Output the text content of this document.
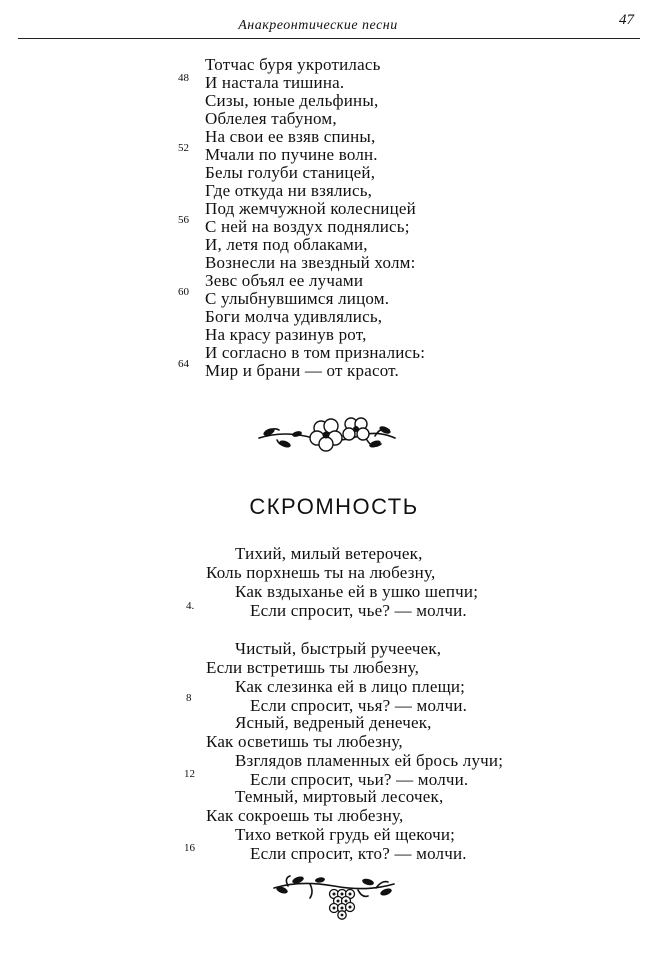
Анакреонтические песни	47
Тотчас буря укротилась
И настала тишина.
Сизы, юные дельфины,
Облелея табуном,
На свои ее взяв спины,
Мчали по пучине волн.
Белы голуби станицей,
Где откуда ни взялись,
Под жемчужной колесницей
С ней на воздух поднялись;
И, летя под облаками,
Вознесли на звездный холм:
Зевс объял ее лучами
С улыбнувшимся лицом.
Боги молча удивлялись,
На красу разинув рот,
И согласно в том признались:
Мир и брани — от красот.
48
52
56
60
64
СКРОМНОСТЬ
Тихий, милый ветерочек,
Коль порхнешь ты на любезну,
Как вздыханье ей в ушко шепчи;
Если спросит, чье? — молчи.
Чистый, быстрый ручеечек,
Если встретишь ты любезну,
Как слезинка ей в лицо плещи;
Если спросит, чья? — молчи.
Ясный, ведреный денечек,
Как осветишь ты любезну,
Взглядов пламенных ей брось лучи;
Если спросит, чьи? — молчи.
Темный, миртовый лесочек,
Как сокроешь ты любезну,
Тихо веткой грудь ей щекочи;
Если спросит, кто? — молчи.
4.
8
12
16
